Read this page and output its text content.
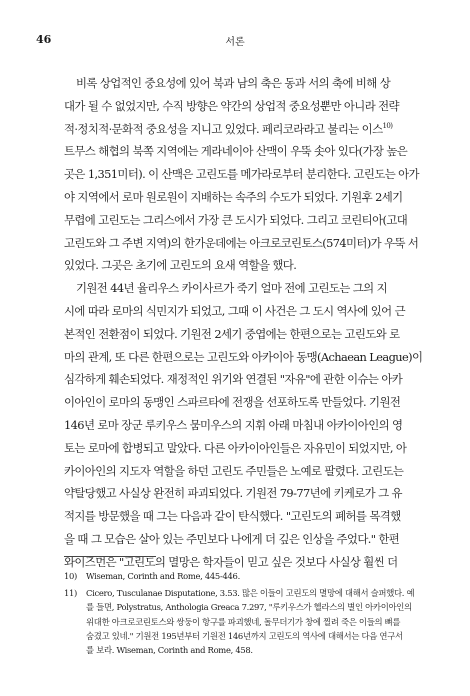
46	서론
비록 상업적인 중요성에 있어 북과 남의 축은 동과 서의 축에 비해 상
대가 될 수 없었지만, 수직 방향은 약간의 상업적 중요성뿐만 아니라 전략
적·정치적·문화적 중요성을 지니고 있었다. 페리코라라고 불리는 이스$^{10)}$
트무스 해협의 북쪽 지역에는 게라네이아 산맥이 우뚝 솟아 있다(가장 높은
곳은 1,351미터). 이 산맥은 고린도를 메가라로부터 분리한다. 고린도는 아가
야 지역에서 로마 원로원이 지배하는 속주의 수도가 되었다. 기원후 2세기
무렵에 고린도는 그리스에서 가장 큰 도시가 되었다. 그리고 코린티아(고대
고린도와 그 주변 지역)의 한가운데에는 아크로코린토스(574미터)가 우뚝 서
있었다. 그곳은 초기에 고린도의 요새 역할을 했다.
기원전 44년 율리우스 카이사르가 죽기 얼마 전에 고린도는 그의 지
시에 따라 로마의 식민지가 되었고, 그때 이 사건은 그 도시 역사에 있어 근
본적인 전환점이 되었다. 기원전 2세기 중엽에는 한편으로는 고린도와 로
마의 관계, 또 다른 한편으로는 고린도와 아카이아 동맹(Achaean League)이
심각하게 훼손되었다. 재정적인 위기와 연결된 "자유"에 관한 이슈는 아카
이아인이 로마의 동맹인 스파르타에 전쟁을 선포하도록 만들었다. 기원전
146년 로마 장군 루키우스 뭄미우스의 지휘 아래 마침내 아카이아인의 영
토는 로마에 합병되고 말았다. 다른 아카이아인들은 자유민이 되었지만, 아
카이아인의 지도자 역할을 하던 고린도 주민들은 노예로 팔렸다. 고린도는
약탈당했고 사실상 완전히 파괴되었다. 기원전 79-77년에 키케로가 그 유
적지를 방문했을 때 그는 다음과 같이 탄식했다. "고린도의 폐허를 목격했
을 때 그 모습은 살아 있는 주민보다 나에게 더 깊은 인상을 주었다." 한편
와이즈먼은 "고린도의 멸망은 학자들이 믿고 싶은 것보다 사실상 훨씬 더
10)	Wiseman, Corinth and Rome, 445-446.
11)	Cicero, Tusculanae Disputatione, 3.53. 많은 이들이 고린도의 멸망에 대해서 슬퍼했다. 예
를 들면, Polystratus, Anthologia Greaca 7.297, "루키우스가 헬라스의 별인 아카이아인의
위대한 아크로코린토스와 쌍둥이 항구를 파괴했네, 돌무더기가 창에 찔려 죽은 이들의 뼈를
숨겼고 있네." 기원전 195년부터 기원전 146년까지 고린도의 역사에 대해서는 다음 연구서
를 보라. Wiseman, Corinth and Rome, 458.
